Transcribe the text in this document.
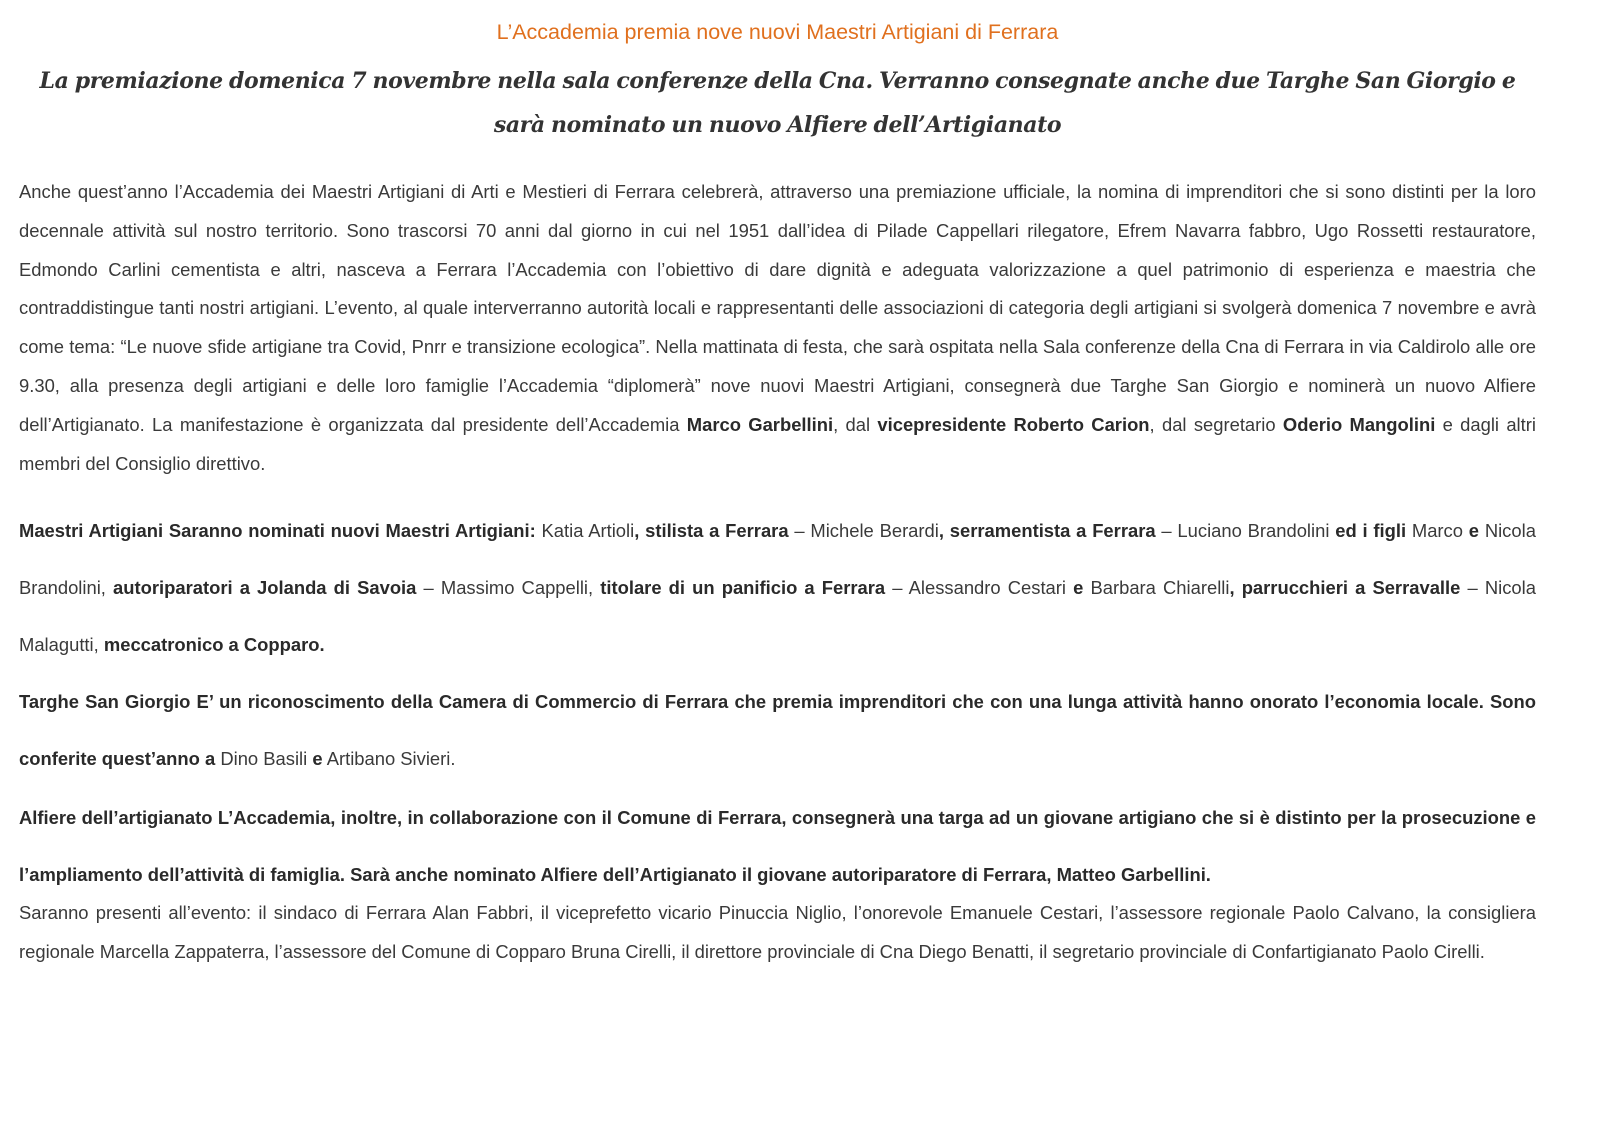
L’Accademia premia nove nuovi Maestri Artigiani di Ferrara
La premiazione domenica 7 novembre nella sala conferenze della Cna. Verranno consegnate anche due Targhe San Giorgio e sarà nominato un nuovo Alfiere dell’Artigianato

Anche quest’anno l’Accademia dei Maestri Artigiani di Arti e Mestieri di Ferrara celebrerà, attraverso una premiazione ufficiale, la nomina di imprenditori che si sono distinti per la loro decennale attività sul nostro territorio. Sono trascorsi 70 anni dal giorno in cui nel 1951 dall’idea di Pilade Cappellari rilegatore, Efrem Navarra fabbro, Ugo Rossetti restauratore, Edmondo Carlini cementista e altri, nasceva a Ferrara l’Accademia con l’obiettivo di dare dignità e adeguata valorizzazione a quel patrimonio di esperienza e maestria che contraddistingue tanti nostri artigiani. L’evento, al quale interverranno autorità locali e rappresentanti delle associazioni di categoria degli artigiani si svolgerà domenica 7 novembre e avrà come tema: “Le nuove sfide artigiane tra Covid, Pnrr e transizione ecologica”. Nella mattinata di festa, che sarà ospitata nella Sala conferenze della Cna di Ferrara in via Caldirolo alle ore 9.30, alla presenza degli artigiani e delle loro famiglie l’Accademia “diplomerà” nove nuovi Maestri Artigiani, consegnerà due Targhe San Giorgio e nominerà un nuovo Alfiere dell’Artigianato. La manifestazione è organizzata dal presidente dell’Accademia Marco Garbellini, dal vicepresidente Roberto Carion, dal segretario Oderio Mangolini e dagli altri membri del Consiglio direttivo.

Maestri Artigiani Saranno nominati nuovi Maestri Artigiani: Katia Artioli, stilista a Ferrara – Michele Berardi, serramentista a Ferrara – Luciano Brandolini ed i figli Marco e Nicola Brandolini, autoriparatori a Jolanda di Savoia – Massimo Cappelli, titolare di un panificio a Ferrara – Alessandro Cestari e Barbara Chiarelli, parrucchieri a Serravalle – Nicola Malagutti, meccatronico a Copparo.

Targhe San Giorgio E’ un riconoscimento della Camera di Commercio di Ferrara che premia imprenditori che con una lunga attività hanno onorato l’economia locale. Sono conferite quest’anno a Dino Basili e Artibano Sivieri.

Alfiere dell’artigianato L’Accademia, inoltre, in collaborazione con il Comune di Ferrara, consegnerà una targa ad un giovane artigiano che si è distinto per la prosecuzione e l’ampliamento dell’attività di famiglia. Sarà anche nominato Alfiere dell’Artigianato il giovane autoriparatore di Ferrara, Matteo Garbellini.

Saranno presenti all’evento: il sindaco di Ferrara Alan Fabbri, il viceprefetto vicario Pinuccia Niglio, l’onorevole Emanuele Cestari, l’assessore regionale Paolo Calvano, la consigliera regionale Marcella Zappaterra, l’assessore del Comune di Copparo Bruna Cirelli, il direttore provinciale di Cna Diego Benatti, il segretario provinciale di Confartigianato Paolo Cirelli.
